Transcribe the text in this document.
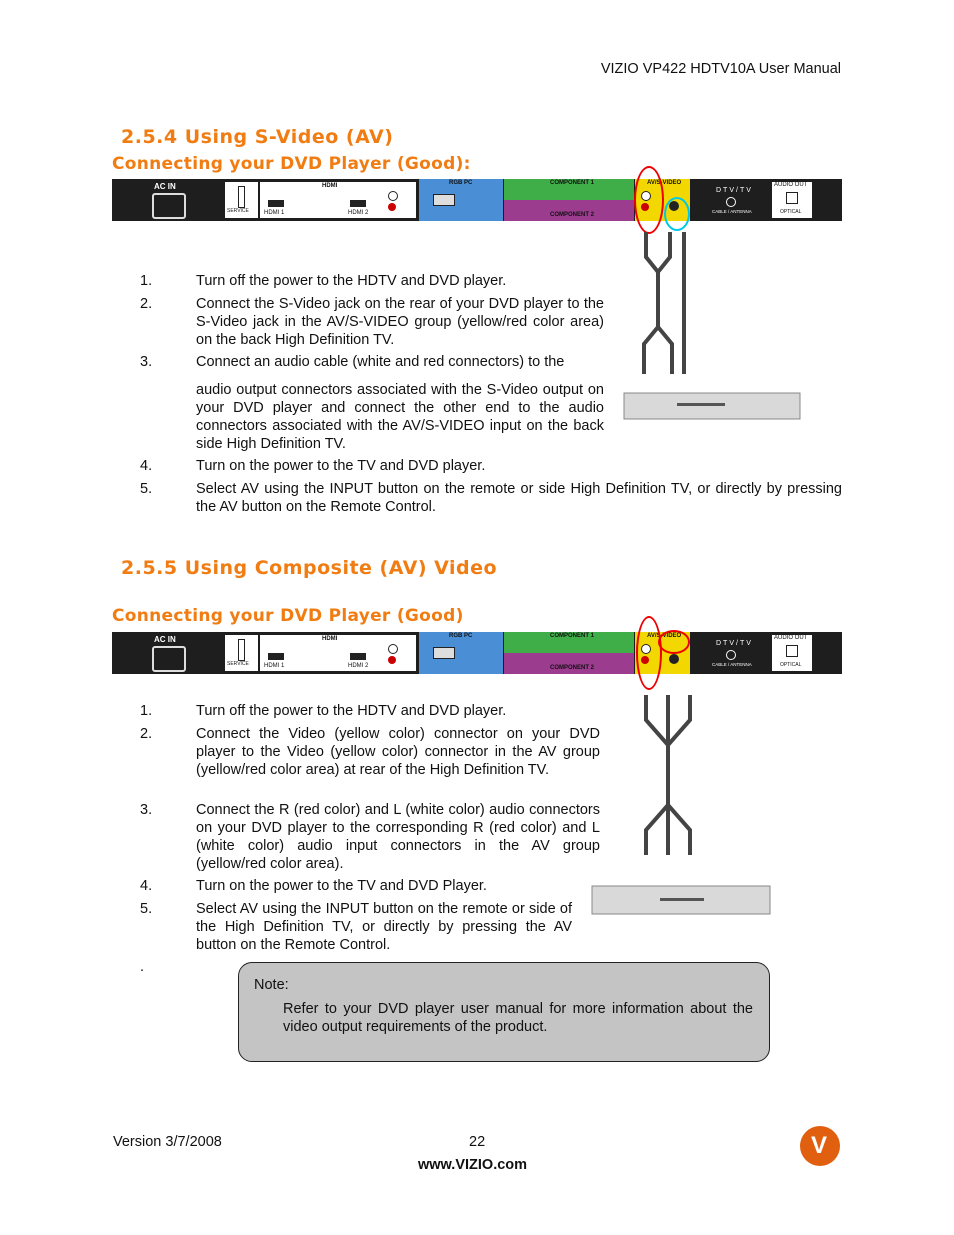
VIZIO VP422 HDTV10A User Manual
2.5.4 Using S-Video (AV)
Connecting your DVD Player (Good):
AC IN
SERVICE
HDMI
HDMI 1	HDMI 2
RGB PC	COMPONENT 1
COMPONENT 2
AV/S-VIDEO
DTV/TV
CABLE / ANTENNA
AUDIO OUT
OPTICAL
1.	Turn off the power to the HDTV and DVD player.
2.	Connect the S-Video jack on the rear of your DVD player to the S-Video jack in the AV/S-VIDEO group (yellow/red color area) on the back High Definition TV.
3.	Connect an audio cable (white and red connectors) to the
audio output connectors associated with the S-Video output on your DVD player and connect the other end to the audio connectors associated with the AV/S-VIDEO input on the back side High Definition TV.
4.	Turn on the power to the TV and DVD player.
5.	Select AV using the INPUT button on the remote or side High Definition TV, or directly by pressing the AV button on the Remote Control.
2.5.5 Using Composite (AV) Video
Connecting your DVD Player (Good)
AC IN
SERVICE
HDMI
HDMI 1	HDMI 2
RGB PC	COMPONENT 1
COMPONENT 2
AV/S-VIDEO
DTV/TV
CABLE / ANTENNA
AUDIO OUT
OPTICAL
1.	Turn off the power to the HDTV and DVD player.
2.	Connect the Video (yellow color) connector on your DVD player to the Video (yellow color) connector in the AV group (yellow/red color area) at rear of the High Definition TV.
3.	Connect the R (red color) and L (white color) audio connectors on your DVD player to the corresponding R (red color) and L (white color) audio input connectors in the AV group (yellow/red color area).
4.	Turn on the power to the TV and DVD Player.
5.	Select AV using the INPUT button on the remote or side of the High Definition TV, or directly by pressing the AV button on the Remote Control.
.
Note:
Refer to your DVD player user manual for more information about the video output requirements of the product.
Version 3/7/2008	22
www.VIZIO.com
V
